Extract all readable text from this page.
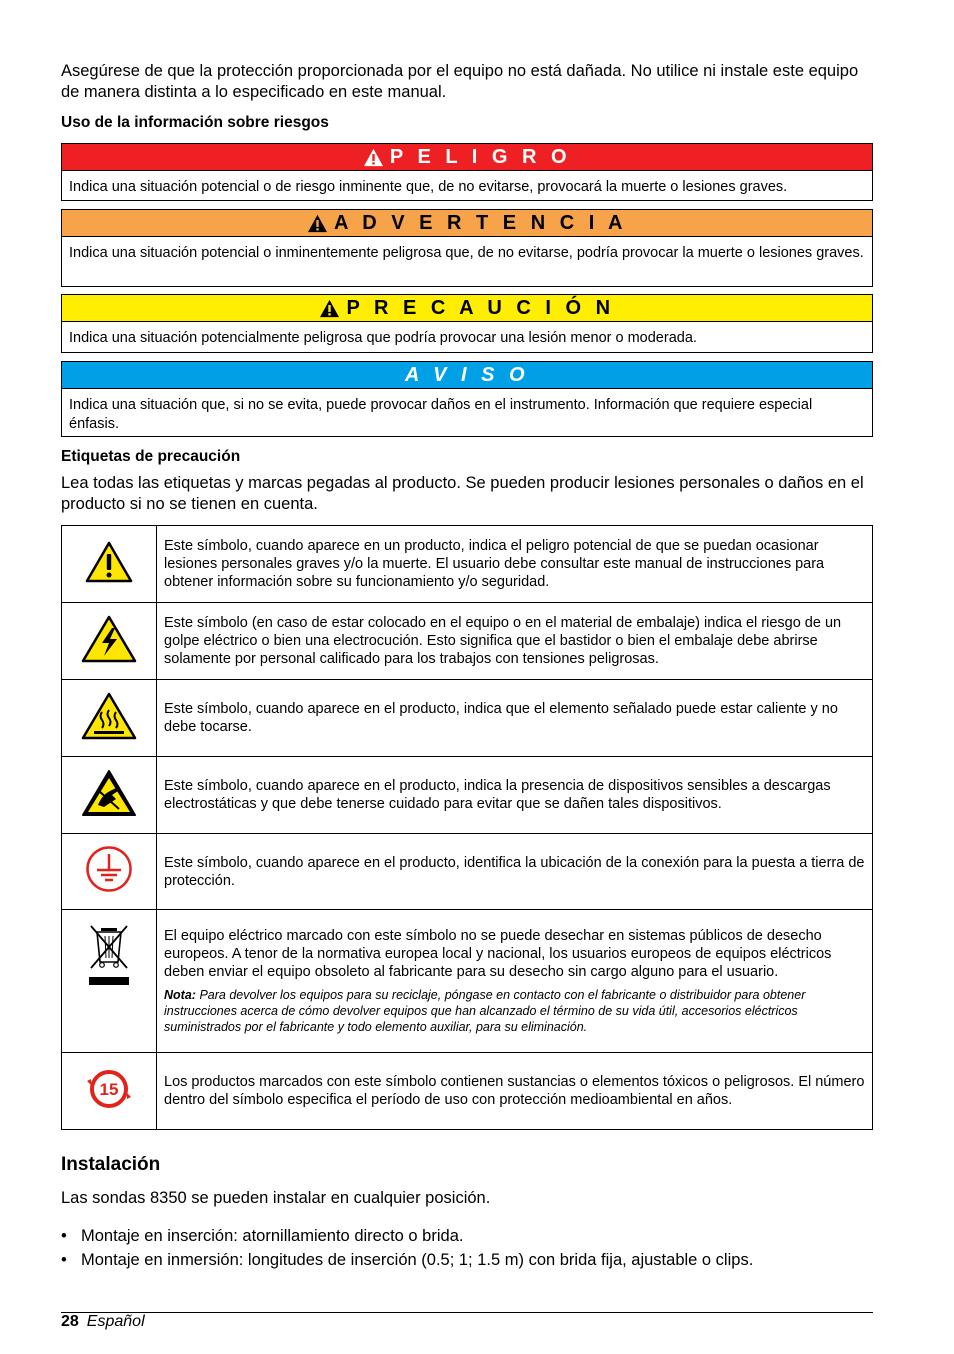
Asegúrese de que la protección proporcionada por el equipo no está dañada. No utilice ni instale este equipo de manera distinta a lo especificado en este manual.

Uso de la información sobre riesgos
P E L I G R O
Indica una situación potencial o de riesgo inminente que, de no evitarse, provocará la muerte o lesiones graves.
A D V E R T E N C I A
Indica una situación potencial o inminentemente peligrosa que, de no evitarse, podría provocar la muerte o lesiones graves.
P R E C A U C I Ó N
Indica una situación potencialmente peligrosa que podría provocar una lesión menor o moderada.
A V I S O
Indica una situación que, si no se evita, puede provocar daños en el instrumento. Información que requiere especial énfasis.
Etiquetas de precaución

Lea todas las etiquetas y marcas pegadas al producto. Se pueden producir lesiones personales o daños en el producto si no se tienen en cuenta.

	Este símbolo, cuando aparece en un producto, indica el peligro potencial de que se puedan ocasionar lesiones personales graves y/o la muerte. El usuario debe consultar este manual de instrucciones para obtener información sobre su funcionamiento y/o seguridad.
	Este símbolo (en caso de estar colocado en el equipo o en el material de embalaje) indica el riesgo de un golpe eléctrico o bien una electrocución. Esto significa que el bastidor o bien el embalaje debe abrirse solamente por personal calificado para los trabajos con tensiones peligrosas.
	Este símbolo, cuando aparece en el producto, indica que el elemento señalado puede estar caliente y no debe tocarse.
	Este símbolo, cuando aparece en el producto, indica la presencia de dispositivos sensibles a descargas electrostáticas y que debe tenerse cuidado para evitar que se dañen tales dispositivos.
	Este símbolo, cuando aparece en el producto, identifica la ubicación de la conexión para la puesta a tierra de protección.

El equipo eléctrico marcado con este símbolo no se puede desechar en sistemas públicos de desecho europeos. A tenor de la normativa europea local y nacional, los usuarios europeos de equipos eléctricos deben enviar el equipo obsoleto al fabricante para su desecho sin cargo alguno para el usuario.
Nota: Para devolver los equipos para su reciclaje, póngase en contacto con el fabricante o distribuidor para obtener instrucciones acerca de cómo devolver equipos que han alcanzado el término de su vida útil, accesorios eléctricos suministrados por el fabricante y todo elemento auxiliar, para su eliminación.

15	Los productos marcados con este símbolo contienen sustancias o elementos tóxicos o peligrosos. El número dentro del símbolo especifica el período de uso con protección medioambiental en años.
Instalación

Las sondas 8350 se pueden instalar en cualquier posición.

• Montaje en inserción: atornillamiento directo o brida.
• Montaje en inmersión: longitudes de inserción (0.5; 1; 1.5 m) con brida fija, ajustable o clips.
28 Español
